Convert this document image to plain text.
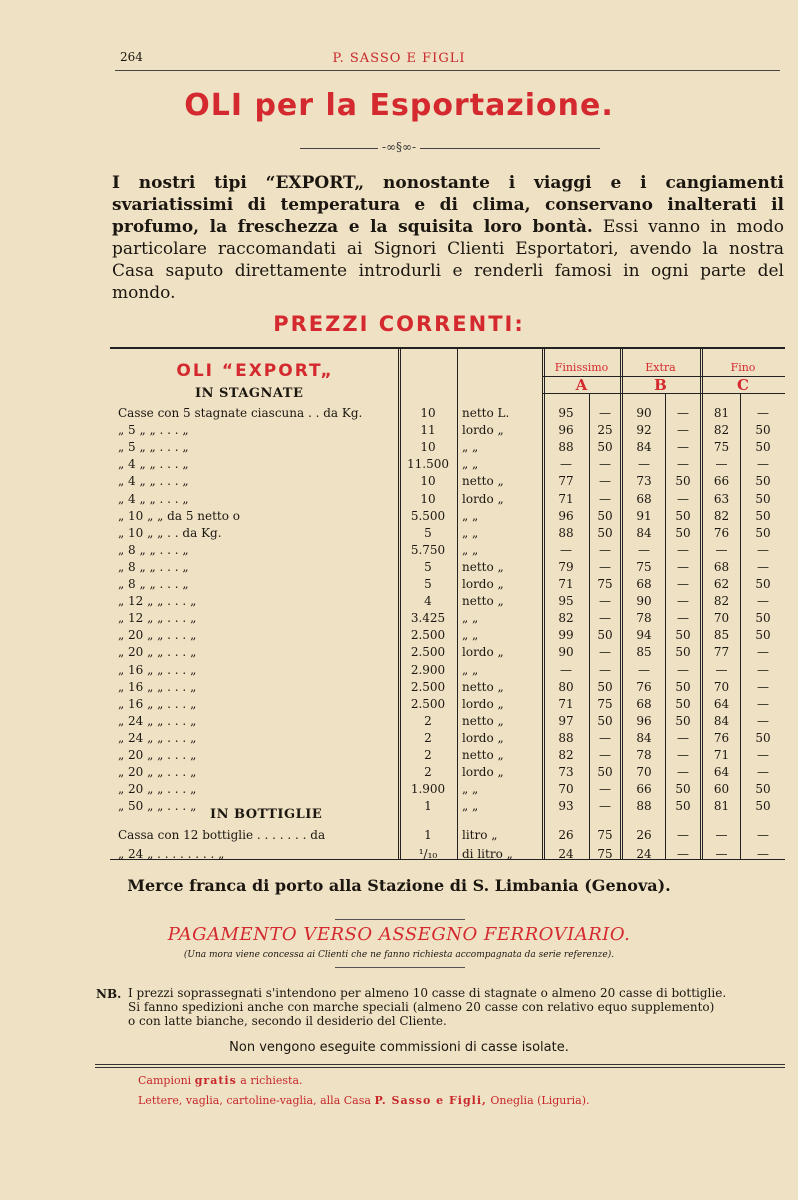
264	P. SASSO E FIGLI
OLI per la Esportazione.
-∞§∞-
I nostri tipi “EXPORT„ nonostante i viaggi e i cangiamenti svariatissimi di temperatura e di clima, conservano inalterati il profumo, la freschezza e la squisita loro bontà. Essi vanno in modo particolare raccomandati ai Signori Clienti Esportatori, avendo la nostra Casa saputo direttamente introdurli e renderli famosi in ogni parte del mondo.
PREZZI CORRENTI:
OLI “EXPORT„
IN STAGNATE
IN BOTTIGLIE
Finissimo	Extra	Fino
A	B	C
Casse con 5 stagnate ciascuna . . da Kg.	10	netto L.	95	—	90	—	81	—
„ 5 „ „ . . . „	11	lordo „	96	25	92	—	82	50
„ 5 „ „ . . . „	10	„ „	88	50	84	—	75	50
„ 4 „ „ . . . „	11.500	„ „	—	—	—	—	—	—
„ 4 „ „ . . . „	10	netto „	77	—	73	50	66	50
„ 4 „ „ . . . „	10	lordo „	71	—	68	—	63	50
„ 10 „ „ da 5 netto o	5.500	„ „	96	50	91	50	82	50
„ 10 „ „ . . da Kg.	5	„ „	88	50	84	50	76	50
„ 8 „ „ . . . „	5.750	„ „	—	—	—	—	—	—
„ 8 „ „ . . . „	5	netto „	79	—	75	—	68	—
„ 8 „ „ . . . „	5	lordo „	71	75	68	—	62	50
„ 12 „ „ . . . „	4	netto „	95	—	90	—	82	—
„ 12 „ „ . . . „	3.425	„ „	82	—	78	—	70	50
„ 20 „ „ . . . „	2.500	„ „	99	50	94	50	85	50
„ 20 „ „ . . . „	2.500	lordo „	90	—	85	50	77	—
„ 16 „ „ . . . „	2.900	„ „	—	—	—	—	—	—
„ 16 „ „ . . . „	2.500	netto „	80	50	76	50	70	—
„ 16 „ „ . . . „	2.500	lordo „	71	75	68	50	64	—
„ 24 „ „ . . . „	2	netto „	97	50	96	50	84	—
„ 24 „ „ . . . „	2	lordo „	88	—	84	—	76	50
„ 20 „ „ . . . „	2	netto „	82	—	78	—	71	—
„ 20 „ „ . . . „	2	lordo „	73	50	70	—	64	—
„ 20 „ „ . . . „	1.900	„ „	70	—	66	50	60	50
„ 50 „ „ . . . „	1	„ „	93	—	88	50	81	50
Cassa con 12 bottiglie . . . . . . . da	1	litro „	26	75	26	—	—	—
„ 24 „ . . . . . . . . „	¹/₁₀	di litro „	24	75	24	—	—	—
Merce franca di porto alla Stazione di S. Limbania (Genova).
PAGAMENTO VERSO ASSEGNO FERROVIARIO.
(Una mora viene concessa ai Clienti che ne fanno richiesta accompagnata da serie referenze).
NB. I prezzi soprassegnati s'intendono per almeno 10 casse di stagnate o almeno 20 casse di bottiglie.
Si fanno spedizioni anche con marche speciali (almeno 20 casse con relativo equo supplemento)
o con latte bianche, secondo il desiderio del Cliente.
Non vengono eseguite commissioni di casse isolate.
Campioni gratis a richiesta.
Lettere, vaglia, cartoline-vaglia, alla Casa P. Sasso e Figli, Oneglia (Liguria).
